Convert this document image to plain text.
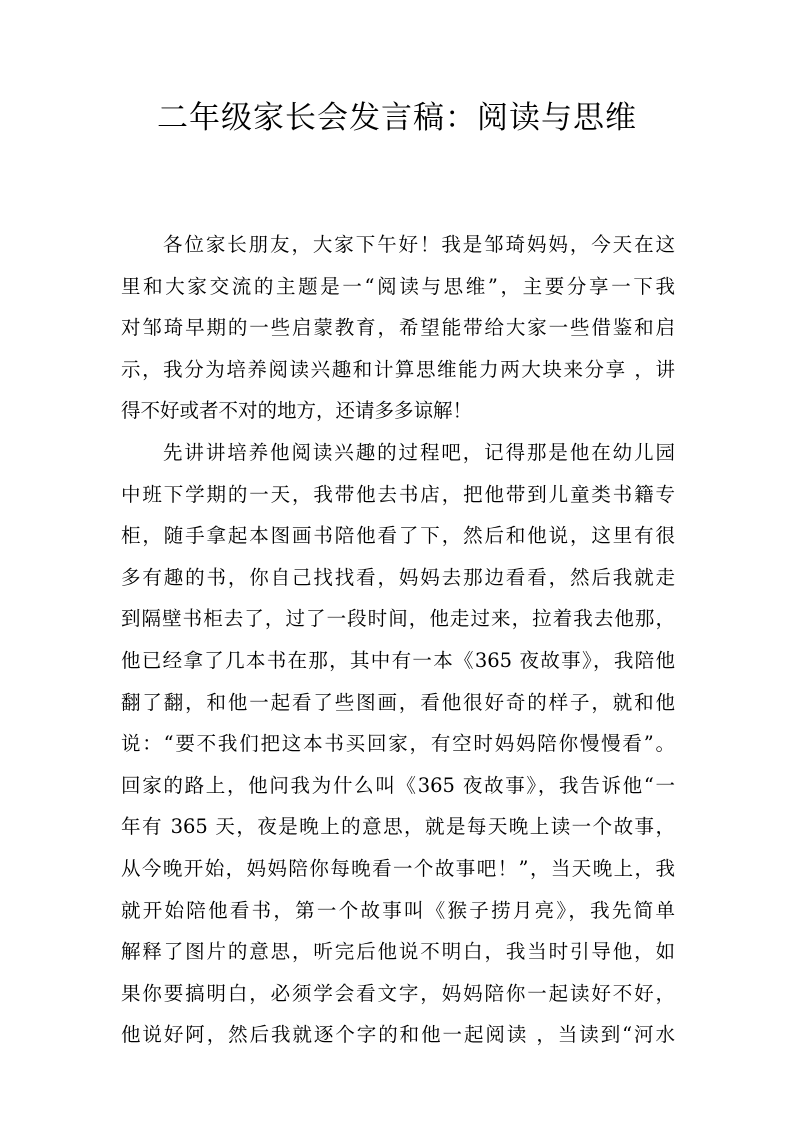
二年级家长会发言稿：阅读与思维
各位家长朋友，大家下午好！我是邹琦妈妈，今天在这
里和大家交流的主题是一“阅读与思维”，主要分享一下我
对邹琦早期的一些启蒙教育，希望能带给大家一些借鉴和启
示，我分为培养阅读兴趣和计算思维能力两大块来分享 ，讲
得不好或者不对的地方，还请多多谅解！
先讲讲培养他阅读兴趣的过程吧，记得那是他在幼儿园
中班下学期的一天，我带他去书店，把他带到儿童类书籍专
柜，随手拿起本图画书陪他看了下，然后和他说，这里有很
多有趣的书，你自己找找看，妈妈去那边看看，然后我就走
到隔壁书柜去了，过了一段时间，他走过来，拉着我去他那，
他已经拿了几本书在那，其中有一本《365 夜故事》，我陪他
翻了翻，和他一起看了些图画，看他很好奇的样子，就和他
说：“要不我们把这本书买回家，有空时妈妈陪你慢慢看”。
回家的路上，他问我为什么叫《365 夜故事》，我告诉他“一
年有 365 天，夜是晚上的意思，就是每天晚上读一个故事，
从今晚开始，妈妈陪你每晚看一个故事吧！”，当天晚上，我
就开始陪他看书，第一个故事叫《猴子捞月亮》，我先简单
解释了图片的意思，听完后他说不明白，我当时引导他，如
果你要搞明白，必须学会看文字，妈妈陪你一起读好不好，
他说好阿，然后我就逐个字的和他一起阅读 ，当读到“河水
